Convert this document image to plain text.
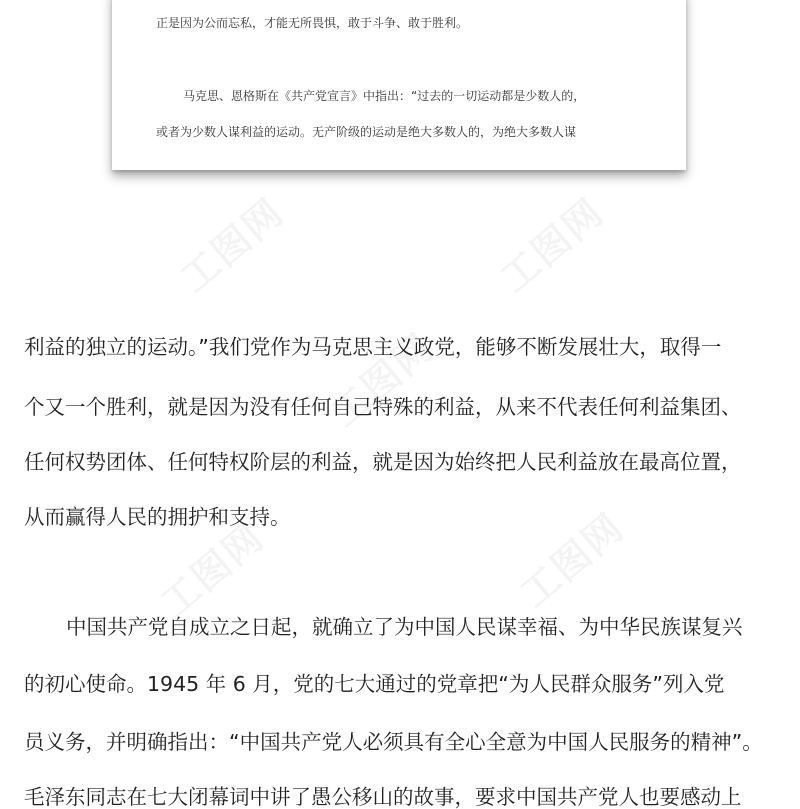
正是因为公而忘私，才能无所畏惧，敢于斗争、敢于胜利。
马克思、恩格斯在《共产党宣言》中指出：“过去的一切运动都是少数人的，
或者为少数人谋利益的运动。无产阶级的运动是绝大多数人的，为绝大多数人谋
利益的独立的运动。”我们党作为马克思主义政党，能够不断发展壮大，取得一
个又一个胜利，就是因为没有任何自己特殊的利益，从来不代表任何利益集团、
任何权势团体、任何特权阶层的利益，就是因为始终把人民利益放在最高位置，
从而赢得人民的拥护和支持。
中国共产党自成立之日起，就确立了为中国人民谋幸福、为中华民族谋复兴
的初心使命。1945 年 6 月，党的七大通过的党章把“为人民群众服务”列入党
员义务，并明确指出：“中国共产党人必须具有全心全意为中国人民服务的精神”。
毛泽东同志在七大闭幕词中讲了愚公移山的故事，要求中国共产党人也要感动上
